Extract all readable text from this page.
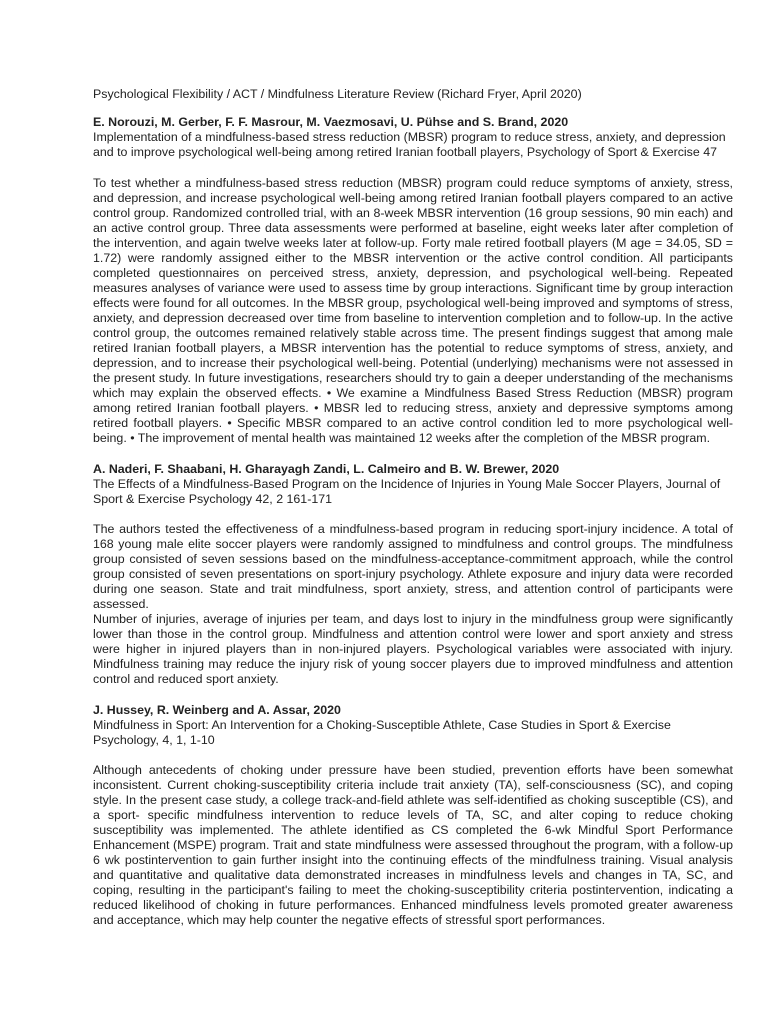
Psychological Flexibility / ACT / Mindfulness Literature Review (Richard Fryer, April 2020)

E. Norouzi, M. Gerber, F. F. Masrour, M. Vaezmosavi, U. Pühse and S. Brand, 2020

Implementation of a mindfulness-based stress reduction (MBSR) program to reduce stress, anxiety, and depression and to improve psychological well-being among retired Iranian football players, Psychology of Sport & Exercise 47

To test whether a mindfulness-based stress reduction (MBSR) program could reduce symptoms of anxiety, stress, and depression, and increase psychological well-being among retired Iranian football players compared to an active control group. Randomized controlled trial, with an 8-week MBSR intervention (16 group sessions, 90 min each) and an active control group. Three data assessments were performed at baseline, eight weeks later after completion of the intervention, and again twelve weeks later at follow-up. Forty male retired football players (M age = 34.05, SD = 1.72) were randomly assigned either to the MBSR intervention or the active control condition. All participants completed questionnaires on perceived stress, anxiety, depression, and psychological well-being. Repeated measures analyses of variance were used to assess time by group interactions. Significant time by group interaction effects were found for all outcomes. In the MBSR group, psychological well-being improved and symptoms of stress, anxiety, and depression decreased over time from baseline to intervention completion and to follow-up. In the active control group, the outcomes remained relatively stable across time. The present findings suggest that among male retired Iranian football players, a MBSR intervention has the potential to reduce symptoms of stress, anxiety, and depression, and to increase their psychological well-being. Potential (underlying) mechanisms were not assessed in the present study. In future investigations, researchers should try to gain a deeper understanding of the mechanisms which may explain the observed effects. • We examine a Mindfulness Based Stress Reduction (MBSR) program among retired Iranian football players. • MBSR led to reducing stress, anxiety and depressive symptoms among retired football players. • Specific MBSR compared to an active control condition led to more psychological well-being. • The improvement of mental health was maintained 12 weeks after the completion of the MBSR program.

A. Naderi, F. Shaabani, H. Gharayagh Zandi, L. Calmeiro and B. W. Brewer, 2020

The Effects of a Mindfulness-Based Program on the Incidence of Injuries in Young Male Soccer Players, Journal of Sport & Exercise Psychology 42, 2 161-171

The authors tested the effectiveness of a mindfulness-based program in reducing sport-injury incidence. A total of 168 young male elite soccer players were randomly assigned to mindfulness and control groups. The mindfulness group consisted of seven sessions based on the mindfulness-acceptance-commitment approach, while the control group consisted of seven presentations on sport-injury psychology. Athlete exposure and injury data were recorded during one season. State and trait mindfulness, sport anxiety, stress, and attention control of participants were assessed.

Number of injuries, average of injuries per team, and days lost to injury in the mindfulness group were significantly lower than those in the control group. Mindfulness and attention control were lower and sport anxiety and stress were higher in injured players than in non-injured players. Psychological variables were associated with injury. Mindfulness training may reduce the injury risk of young soccer players due to improved mindfulness and attention control and reduced sport anxiety.

J. Hussey, R. Weinberg and A. Assar, 2020

Mindfulness in Sport: An Intervention for a Choking-Susceptible Athlete, Case Studies in Sport & Exercise Psychology, 4, 1, 1-10

Although antecedents of choking under pressure have been studied, prevention efforts have been somewhat inconsistent. Current choking-susceptibility criteria include trait anxiety (TA), self-consciousness (SC), and coping style. In the present case study, a college track-and-field athlete was self-identified as choking susceptible (CS), and a sport- specific mindfulness intervention to reduce levels of TA, SC, and alter coping to reduce choking susceptibility was implemented. The athlete identified as CS completed the 6-wk Mindful Sport Performance Enhancement (MSPE) program. Trait and state mindfulness were assessed throughout the program, with a follow-up 6 wk postintervention to gain further insight into the continuing effects of the mindfulness training. Visual analysis and quantitative and qualitative data demonstrated increases in mindfulness levels and changes in TA, SC, and coping, resulting in the participant's failing to meet the choking-susceptibility criteria postintervention, indicating a reduced likelihood of choking in future performances. Enhanced mindfulness levels promoted greater awareness and acceptance, which may help counter the negative effects of stressful sport performances.
